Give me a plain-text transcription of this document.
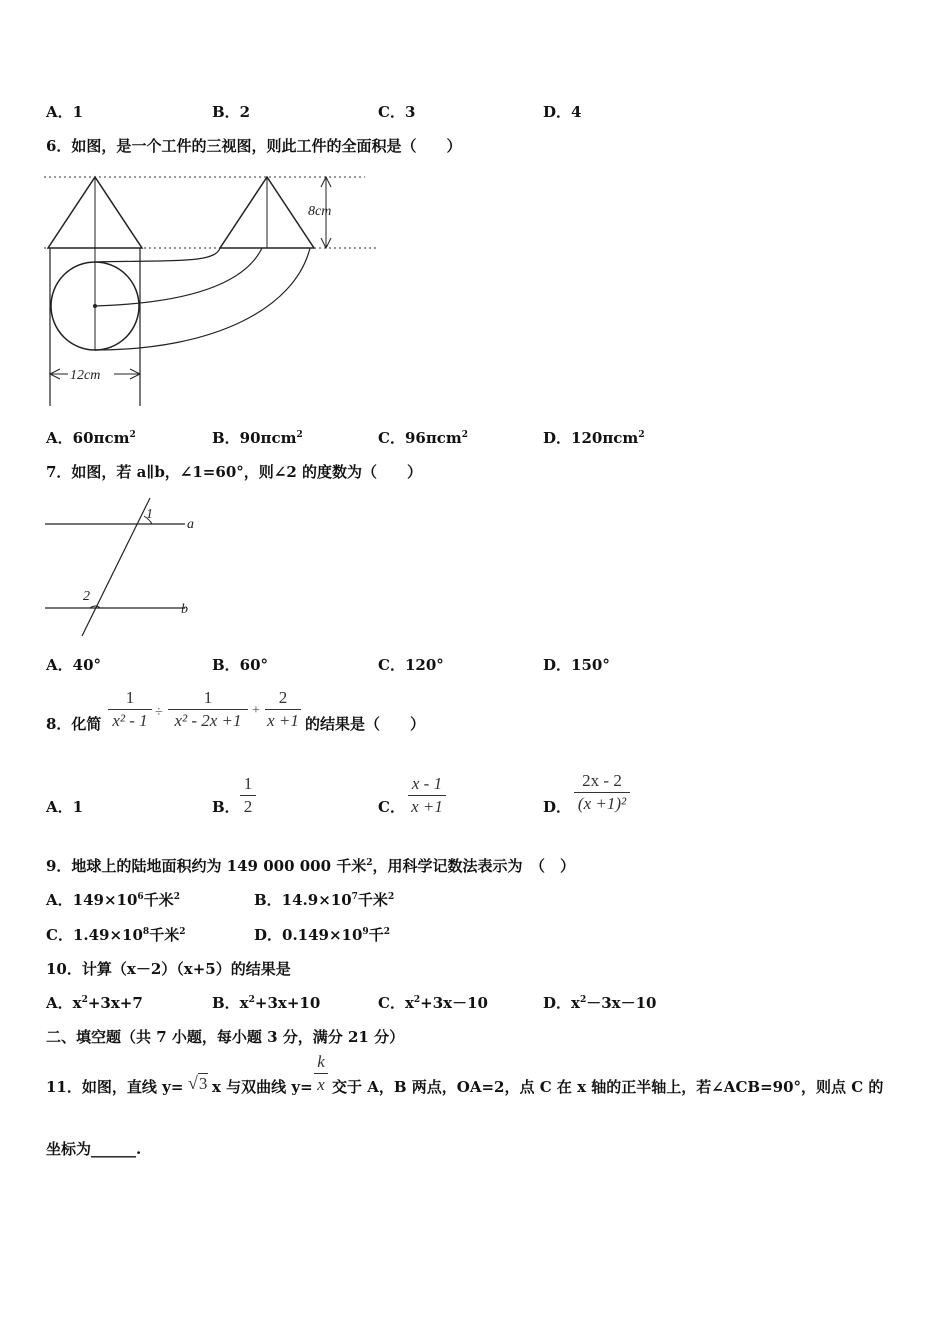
A．1	B．2	C．3	D．4
6．如图，是一个工件的三视图，则此工件的全面积是（　　）
8cm
12cm
A．60πcm$^2$	B．90πcm$^2$	C．96πcm$^2$	D．120πcm$^2$
7．如图，若 a∥b，∠1=60°，则∠2 的度数为（　　）
1
2
a
b
A．40°	B．60°	C．120°	D．150°
8．化简
1
x² - 1 ÷
1
x² - 2x +1
+
2
x +1 的结果是（　　）
A．1	B．
1
2	C．
x - 1
x +1	D．
2x - 2
(x +1)²
9．地球上的陆地面积约为 149 000 000 千米$^2$，用科学记数法表示为　（　）
A．$149\times 10^6$千米$^2$	B．$14.9\times 10^7$千米$^2$
C．$1.49\times 10^8$千米$^2$	D．$0.149\times 10^9$千$^2$
10．计算（x－2）（x+5）的结果是
A．$x^2+3x+7$	B．$x^2+3x+10$	C．$x^2+3x-10$	D．$x^2-3x-10$
二、填空题（共 7 小题，每小题 3 分，满分 21 分）
11．如图，直线 y= √3 x 与双曲线 y=
k
x 交于 A，B 两点，OA=2，点 C 在 x 轴的正半轴上，若∠ACB=90°，则点 C 的
坐标为______.
